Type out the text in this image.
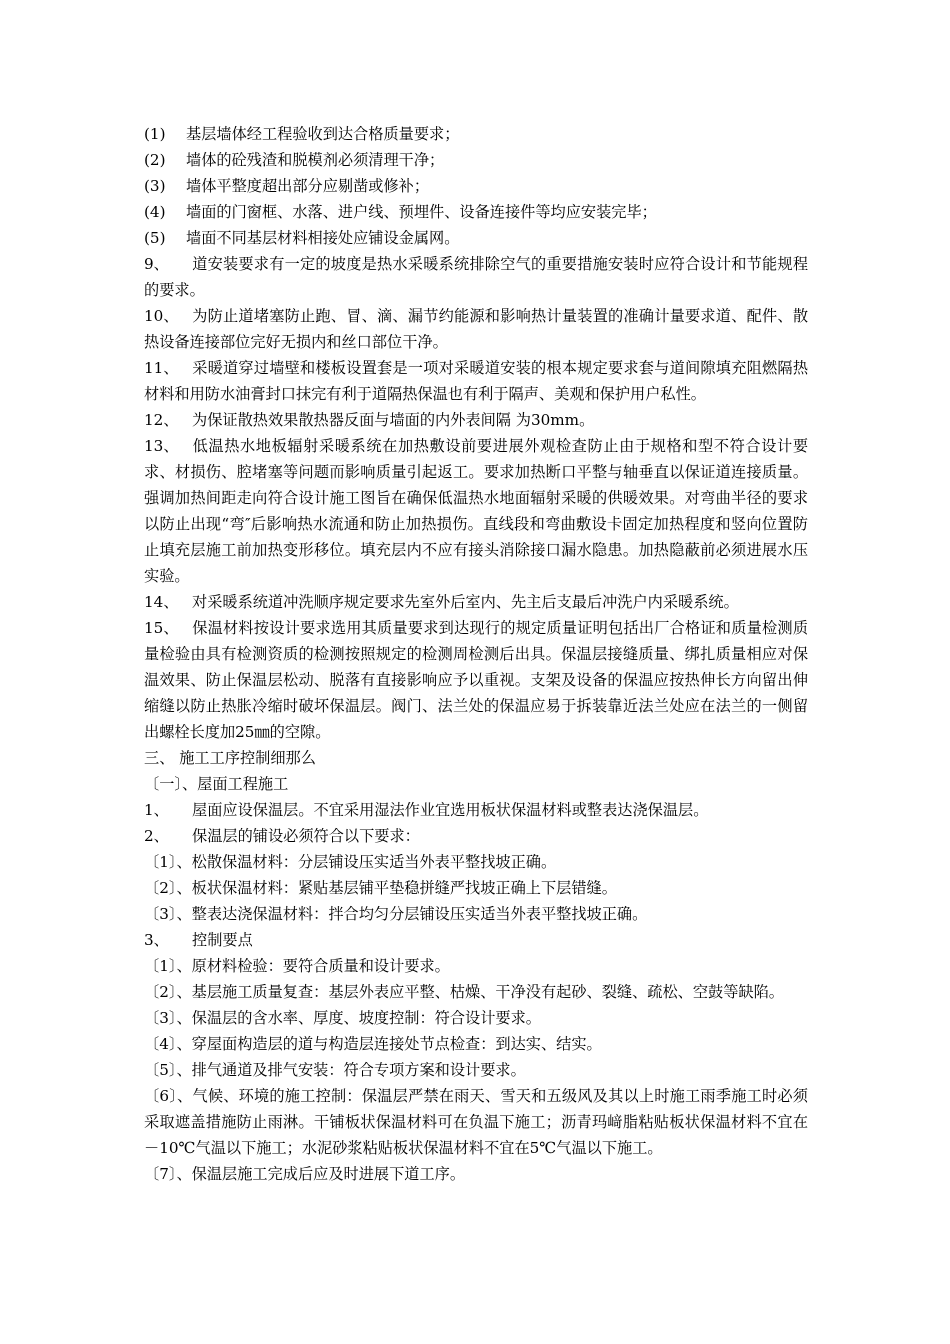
(1) 基层墙体经工程验收到达合格质量要求；

(2) 墙体的砼残渣和脱模剂必须清理干净；

(3) 墙体平整度超出部分应剔凿或修补；

(4) 墙面的门窗框、水落、进户线、预埋件、设备连接件等均应安装完毕；

(5) 墙面不同基层材料相接处应铺设金属网。

9、 道安装要求有一定的坡度是热水采暖系统排除空气的重要措施安装时应符合设计和节能规程的要求。

10、 为防止道堵塞防止跑、冒、滴、漏节约能源和影响热计量装置的准确计量要求道、配件、散热设备连接部位完好无损内和丝口部位干净。

11、 采暖道穿过墙壁和楼板设置套是一项对采暖道安装的根本规定要求套与道间隙填充阻燃隔热材料和用防水油膏封口抹完有利于道隔热保温也有利于隔声、美观和保护用户私性。

12、 为保证散热效果散热器反面与墙面的内外表间隔 为30mm。

13、 低温热水地板辐射采暖系统在加热敷设前要进展外观检查防止由于规格和型不符合设计要求、材损伤、腔堵塞等问题而影响质量引起返工。要求加热断口平整与轴垂直以保证道连接质量。强调加热间距走向符合设计施工图旨在确保低温热水地面辐射采暖的供暖效果。对弯曲半径的要求以防止出现“弯″后影响热水流通和防止加热损伤。直线段和弯曲敷设卡固定加热程度和竖向位置防止填充层施工前加热变形移位。填充层内不应有接头消除接口漏水隐患。加热隐蔽前必须进展水压实验。

14、 对采暖系统道冲洗顺序规定要求先室外后室内、先主后支最后冲洗户内采暖系统。

15、 保温材料按设计要求选用其质量要求到达现行的规定质量证明包括出厂合格证和质量检测质量检验由具有检测资质的检测按照规定的检测周检测后出具。保温层接缝质量、绑扎质量相应对保温效果、防止保温层松动、脱落有直接影响应予以重视。支架及设备的保温应按热伸长方向留出伸缩缝以防止热胀冷缩时破坏保温层。阀门、法兰处的保温应易于拆装靠近法兰处应在法兰的一侧留出螺栓长度加25㎜的空隙。

三、 施工工序控制细那么

〔一〕、屋面工程施工

1、 屋面应设保温层。不宜采用湿法作业宜选用板状保温材料或整表达浇保温层。

2、 保温层的铺设必须符合以下要求：

〔1〕、松散保温材料：分层铺设压实适当外表平整找坡正确。

〔2〕、板状保温材料：紧贴基层铺平垫稳拼缝严找坡正确上下层错缝。

〔3〕、整表达浇保温材料：拌合均匀分层铺设压实适当外表平整找坡正确。

3、 控制要点

〔1〕、原材料检验：要符合质量和设计要求。

〔2〕、基层施工质量复查：基层外表应平整、枯燥、干净没有起砂、裂缝、疏松、空鼓等缺陷。

〔3〕、保温层的含水率、厚度、坡度控制：符合设计要求。

〔4〕、穿屋面构造层的道与构造层连接处节点检查：到达实、结实。

〔5〕、排气通道及排气安装：符合专项方案和设计要求。

〔6〕、气候、环境的施工控制：保温层严禁在雨天、雪天和五级风及其以上时施工雨季施工时必须采取遮盖措施防止雨淋。干铺板状保温材料可在负温下施工；沥青玛﨑脂粘贴板状保温材料不宜在－10℃气温以下施工；水泥砂浆粘贴板状保温材料不宜在5℃气温以下施工。

〔7〕、保温层施工完成后应及时进展下道工序。
